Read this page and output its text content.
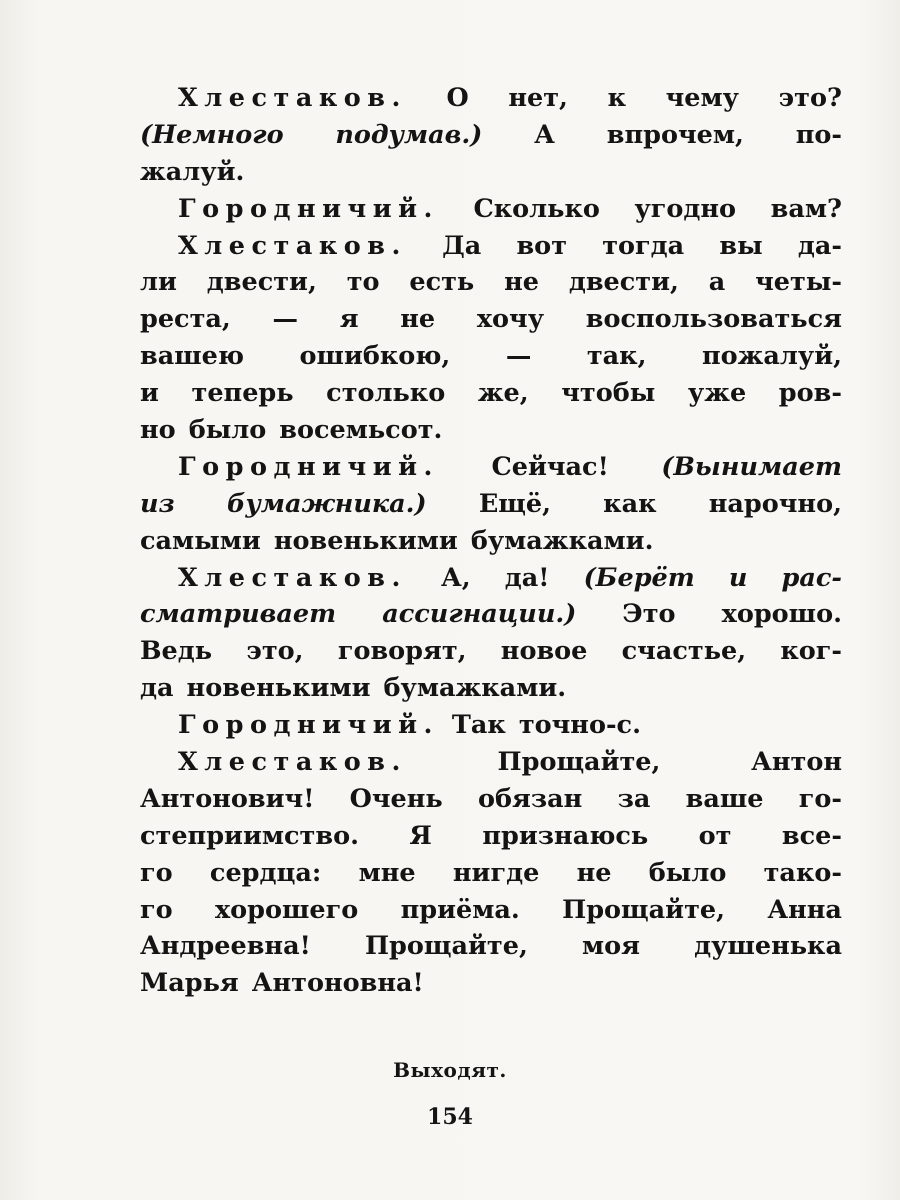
Хлестаков. О нет, к чему это?
(Немного подумав.) А впрочем, по-
жалуй.
Городничий. Сколько угодно вам?
Хлестаков. Да вот тогда вы да-
ли двести, то есть не двести, а четы-
реста, — я не хочу воспользоваться
вашею ошибкою, — так, пожалуй,
и теперь столько же, чтобы уже ров-
но было восемьсот.
Городничий. Сейчас! (Вынимает
из бумажника.) Ещё, как нарочно,
самыми новенькими бумажками.
Хлестаков. А, да! (Берёт и рас-
сматривает ассигнации.) Это хорошо.
Ведь это, говорят, новое счастье, ког-
да новенькими бумажками.
Городничий. Так точно-с.
Хлестаков.	Прощайте,	Антон
Антонович! Очень обязан за ваше го-
степриимство. Я признаюсь от все-
го сердца: мне нигде не было тако-
го хорошего приёма. Прощайте, Анна
Андреевна! Прощайте, моя душенька
Марья Антоновна!
Выходят.
154
